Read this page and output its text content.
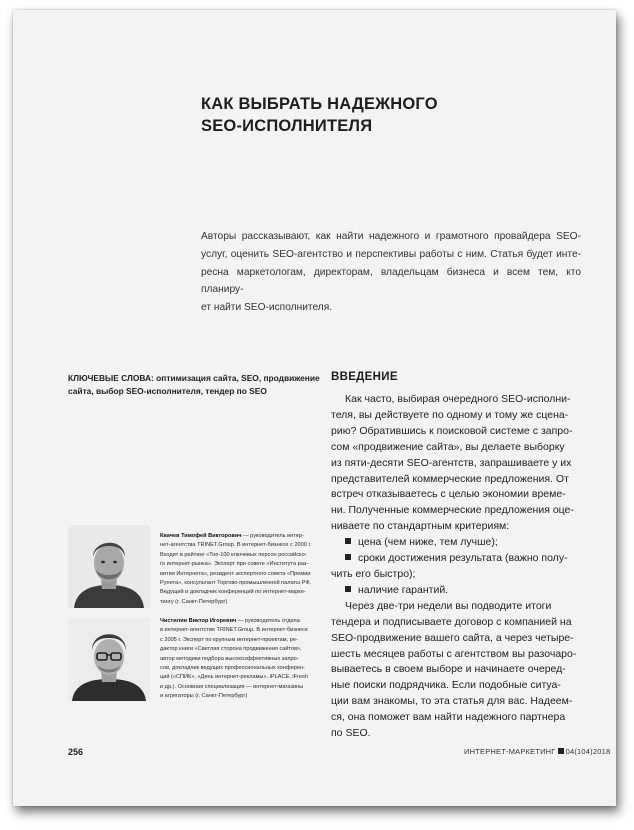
КАК ВЫБРАТЬ НАДЕЖНОГО
SEO-ИСПОЛНИТЕЛЯ
Авторы рассказывают, как найти надежного и грамотного провайдера SEO-
услуг, оценить SEO-агентство и перспективы работы с ним. Статья будет инте-
ресна маркетологам, директорам, владельцам бизнеса и всем тем, кто планиру-
ет найти SEO-исполнителя.
КЛЮЧЕВЫЕ СЛОВА: оптимизация сайта, SEO, продвижение
сайта, выбор SEO-исполнителя, тендер по SEO
ВВЕДЕНИЕ
Как часто, выбирая очередного SEO-исполни-
теля, вы действуете по одному и тому же сцена-
рию? Обратившись к поисковой системе с запро-
сом «продвижение сайта», вы делаете выборку
из пяти-десяти SEO-агентств, запрашиваете у их
представителей коммерческие предложения. От
встреч отказываетесь с целью экономии време-
ни. Полученные коммерческие предложения оце-
ниваете по стандартным критериям:
цена (чем ниже, тем лучше);
сроки достижения результата (важно полу-
чить его быстро);
наличие гарантий.
Через две-три недели вы подводите итоги
тендера и подписываете договор с компанией на
SEO-продвижение вашего сайта, а через четыре-
шесть месяцев работы с агентством вы разочаро-
вываетесь в своем выборе и начинаете очеред-
ные поиски подрядчика. Если подобные ситуа-
ции вам знакомы, то эта статья для вас. Надеем-
ся, она поможет вам найти надежного партнера
по SEO.
Квачев Тимофей Викторович — руководитель интер-
нет-агентства TRINET.Group. В интернет-бизнесе с 2000 г.
Входит в рейтинг «Топ-100 ключевых персон российско-
го интернет-рынка». Эксперт при совете «Института раз-
вития Интернета», резидент экспертного совета «Премии
Рунета», консультант Торгово-промышленной палаты РФ.
Ведущий и докладчик конференций по интернет-марке-
тингу (г. Санкт-Петербург)
Чистилин Виктор Игоревич — руководитель отдела
в интернет-агентстве TRINET.Group. В интернет-бизнесе
с 2005 г. Эксперт по крупным интернет-проектам, ре-
дактор книги «Светлая сторона продвижения сайтов»,
автор методики подбора высокоэффективных запро-
сов, докладчик ведущих профессиональных конферен-
ций («СПИК», «День интернет-рекламы», iPLACE, iFresh
и др.). Основная специализация — интернет-магазины
и агрегаторы (г. Санкт-Петербург)
256	ИНТЕРНЕТ-МАРКЕТИНГ 04(104)2018
